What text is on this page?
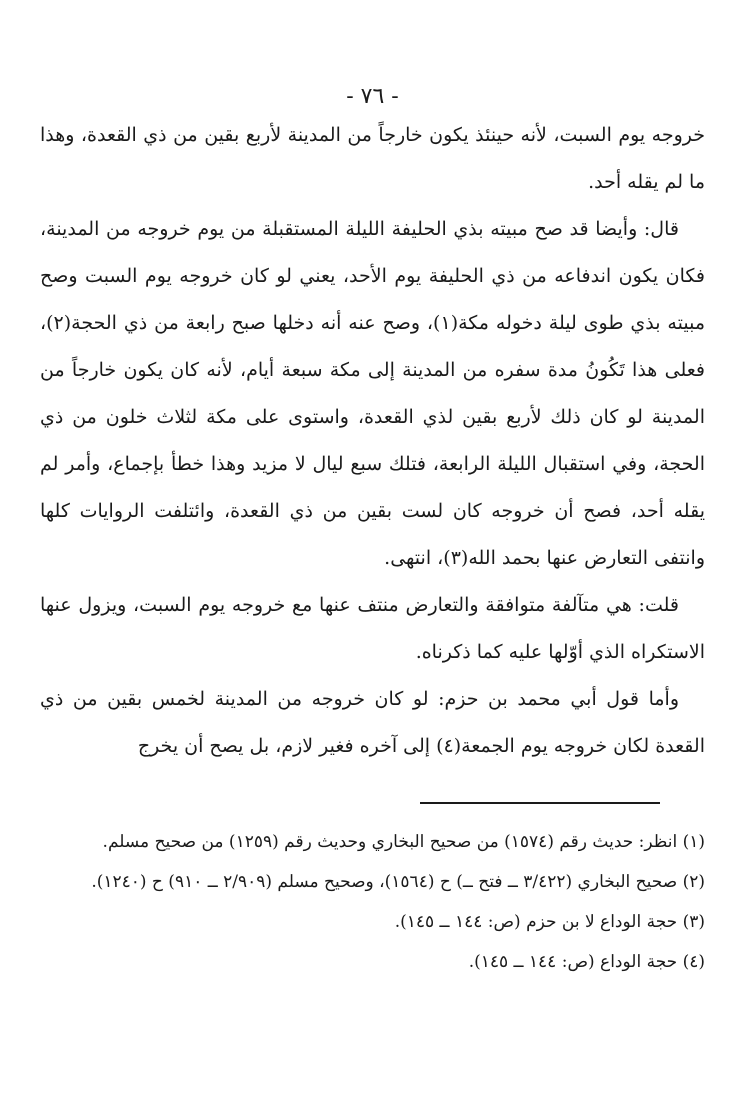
- ٧٦ -

خروجه يوم السبت، لأنه حينئذ يكون خارجاً من المدينة لأربع بقين من ذي القعدة، وهذا ما لم يقله أحد.

قال: وأيضا قد صح مبيته بذي الحليفة الليلة المستقبلة من يوم خروجه من المدينة، فكان يكون اندفاعه من ذي الحليفة يوم الأحد، يعني لو كان خروجه يوم السبت وصح مبيته بذي طوى ليلة دخوله مكة(١)، وصح عنه أنه دخلها صبح رابعة من ذي الحجة(٢)، فعلى هذا تَكُونُ مدة سفره من المدينة إلى مكة سبعة أيام، لأنه كان يكون خارجاً من المدينة لو كان ذلك لأربع بقين لذي القعدة، واستوى على مكة لثلاث خلون من ذي الحجة، وفي استقبال الليلة الرابعة، فتلك سبع ليال لا مزيد وهذا خطأ بإجماع، وأمر لم يقله أحد، فصح أن خروجه كان لست بقين من ذي القعدة، وائتلفت الروايات كلها وانتفى التعارض عنها بحمد الله(٣)، انتهى.

قلت: هي متآلفة متوافقة والتعارض منتف عنها مع خروجه يوم السبت، ويزول عنها الاستكراه الذي أوّلها عليه كما ذكرناه.

وأما قول أبي محمد بن حزم: لو كان خروجه من المدينة لخمس بقين من ذي القعدة لكان خروجه يوم الجمعة(٤) إلى آخره فغير لازم، بل يصح أن يخرج

(١) انظر: حديث رقم (١٥٧٤) من صحيح البخاري وحديث رقم (١٢٥٩) من صحيح مسلم.

(٢) صحيح البخاري (٣/٤٢٢ ــ فتح ــ) ح (١٥٦٤)، وصحيح مسلم (٢/٩٠٩ ــ ٩١٠) ح (١٢٤٠).

(٣) حجة الوداع لا بن حزم (ص: ١٤٤ ــ ١٤٥).

(٤) حجة الوداع (ص: ١٤٤ ــ ١٤٥).
